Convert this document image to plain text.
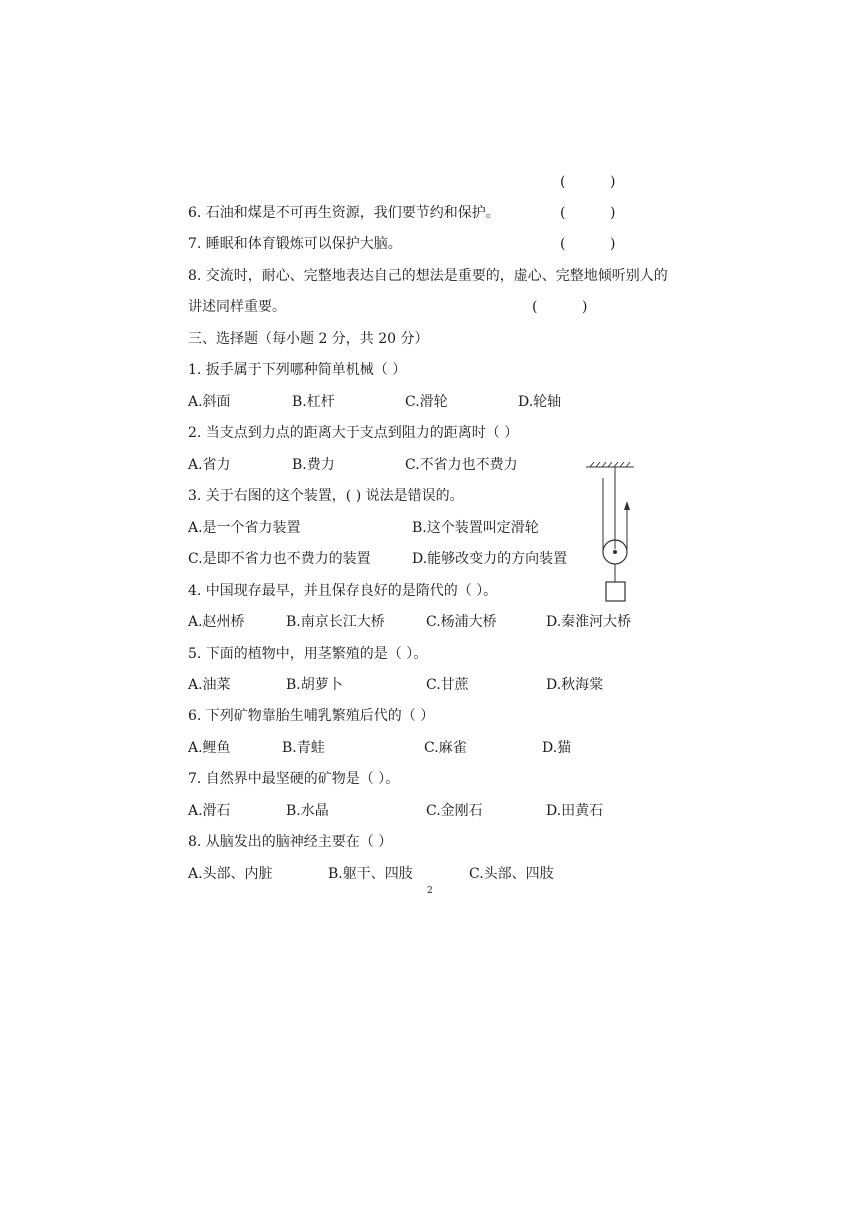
(          )
6. 石油和煤是不可再生资源，我们要节约和保护。	(          )
7. 睡眠和体育锻炼可以保护大脑。	(          )
8. 交流时，耐心、完整地表达自己的想法是重要的，虚心、完整地倾听别人的
讲述同样重要。	(          )
三、选择题（每小题 2 分，共 20 分）
1. 扳手属于下列哪种简单机械（ ）
A.斜面	B.杠杆	C.滑轮	D.轮轴
2. 当支点到力点的距离大于支点到阻力的距离时（ ）
A.省力	B.费力	C.不省力也不费力
3. 关于右图的这个装置，( ) 说法是错误的。
A.是一个省力装置	B.这个装置叫定滑轮
C.是即不省力也不费力的装置	D.能够改变力的方向装置
4. 中国现存最早，并且保存良好的是隋代的（ ）。
A.赵州桥	B.南京长江大桥	C.杨浦大桥	D.秦淮河大桥
5. 下面的植物中，用茎繁殖的是（ ）。
A.油菜	B.胡萝卜	C.甘蔗	D.秋海棠
6. 下列矿物靠胎生哺乳繁殖后代的（ ）
A.鲤鱼	B.青蛙	C.麻雀	D.猫
7. 自然界中最坚硬的矿物是（ ）。
A.滑石	B.水晶	C.金刚石	D.田黄石
8. 从脑发出的脑神经主要在（ ）
A.头部、内脏	B.躯干、四肢	C.头部、四肢
2
